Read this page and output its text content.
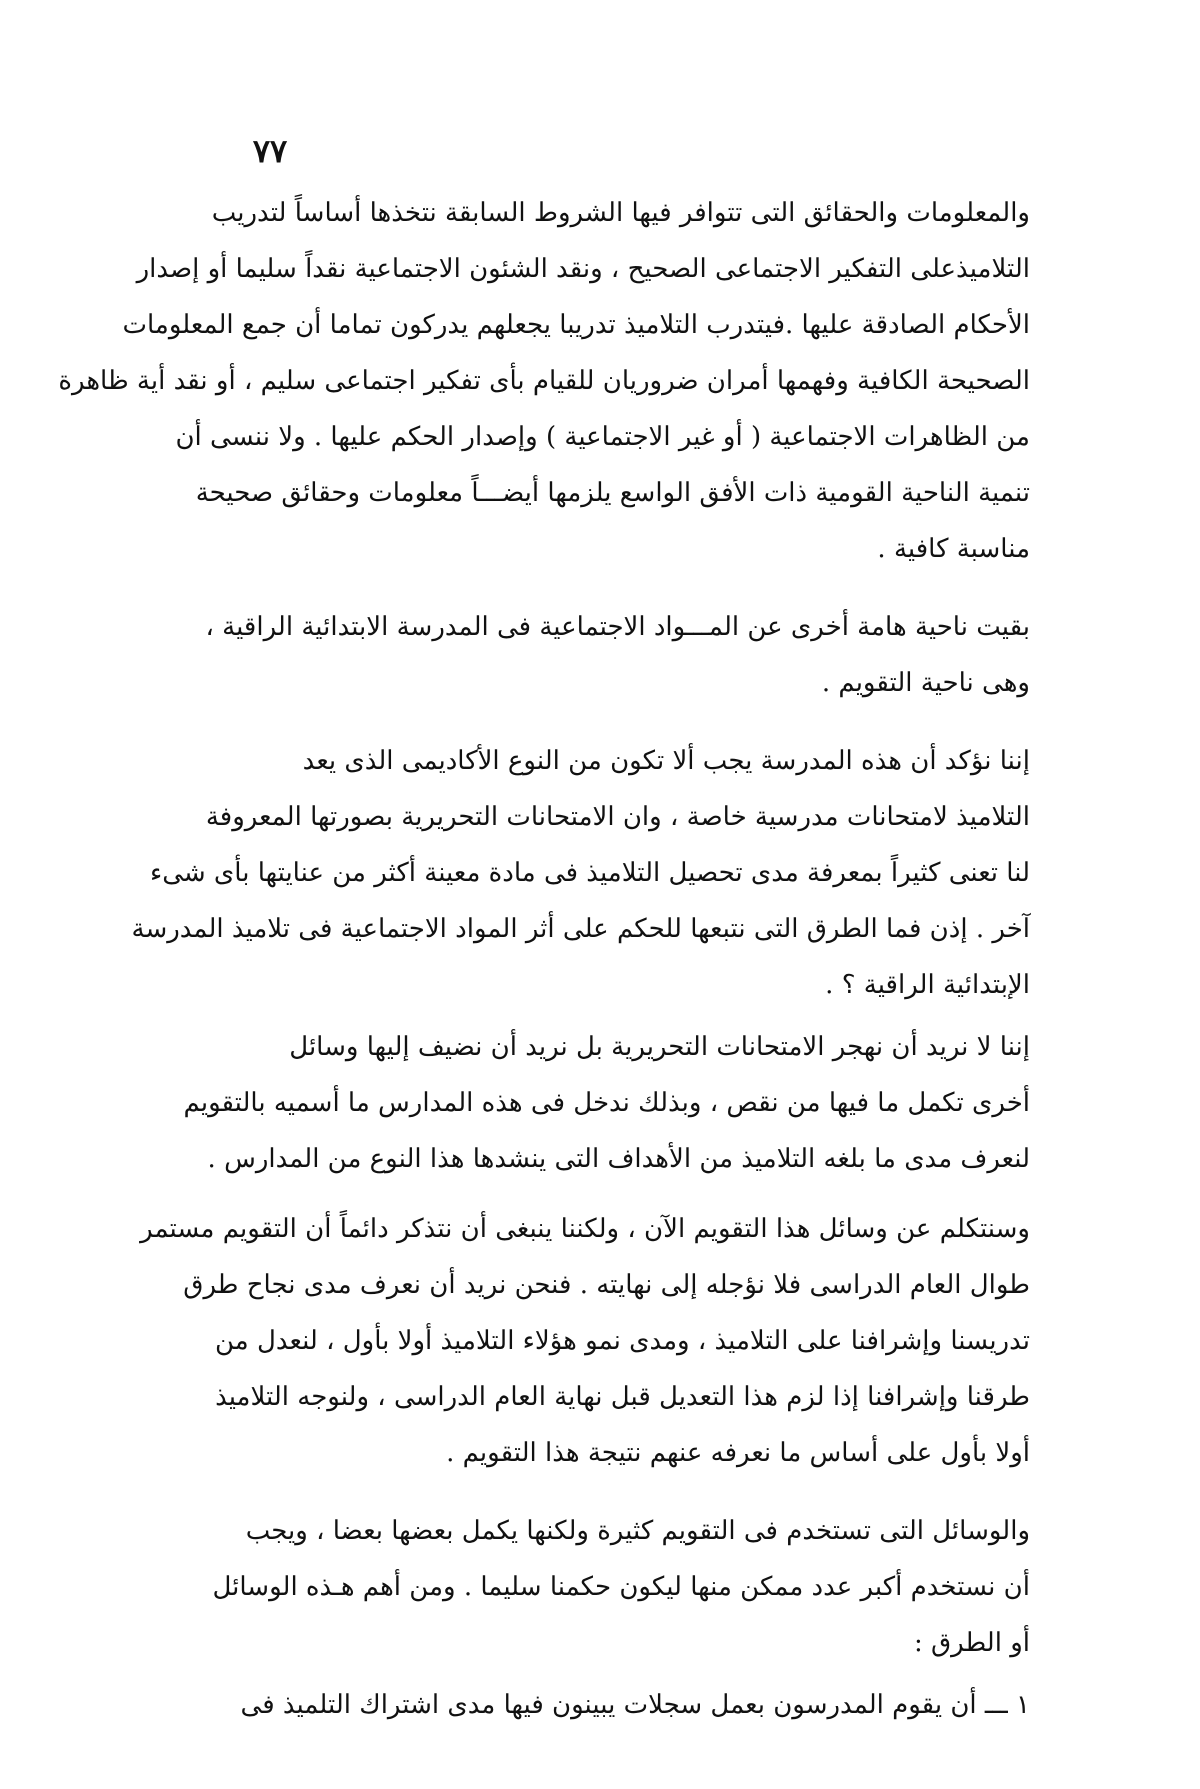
٧٧

والمعلومات والحقائق التى تتوافر فيها الشروط السابقة نتخذها أساساً لتدريب
التلاميذعلى التفكير الاجتماعى الصحيح ، ونقد الشئون الاجتماعية نقداً سليما أو إصدار
الأحكام الصادقة عليها .فيتدرب التلاميذ تدريبا يجعلهم يدركون تماما أن جمع المعلومات
الصحيحة الكافية وفهمها أمران ضروريان للقيام بأى تفكير اجتماعى سليم ، أو نقد أية ظاهرة
من الظاهرات الاجتماعية ( أو غير الاجتماعية ) وإصدار الحكم عليها . ولا ننسى أن
تنمية الناحية القومية ذات الأفق الواسع يلزمها أيضـــاً معلومات وحقائق صحيحة
مناسبة كافية .

بقيت ناحية هامة أخرى عن المـــواد الاجتماعية فى المدرسة الابتدائية الراقية ،
وهى ناحية التقويم .

إننا نؤكد أن هذه المدرسة يجب ألا تكون من النوع الأكاديمى الذى يعد
التلاميذ لامتحانات مدرسية خاصة ، وان الامتحانات التحريرية بصورتها المعروفة
لنا تعنى كثيراً بمعرفة مدى تحصيل التلاميذ فى مادة معينة أكثر من عنايتها بأى شىء
آخر . إذن فما الطرق التى نتبعها للحكم على أثر المواد الاجتماعية فى تلاميذ المدرسة
الإبتدائية الراقية ؟ .

إننا لا نريد أن نهجر الامتحانات التحريرية بل نريد أن نضيف إليها وسائل
أخرى تكمل ما فيها من نقص ، وبذلك ندخل فى هذه المدارس ما أسميه بالتقويم
لنعرف مدى ما بلغه التلاميذ من الأهداف التى ينشدها هذا النوع من المدارس .

وسنتكلم عن وسائل هذا التقويم الآن ، ولكننا ينبغى أن نتذكر دائماً أن التقويم مستمر
طوال العام الدراسى فلا نؤجله إلى نهايته . فنحن نريد أن نعرف مدى نجاح طرق
تدريسنا وإشرافنا على التلاميذ ، ومدى نمو هؤلاء التلاميذ أولا بأول ، لنعدل من
طرقنا وإشرافنا إذا لزم هذا التعديل قبل نهاية العام الدراسى ، ولنوجه التلاميذ
أولا بأول على أساس ما نعرفه عنهم نتيجة هذا التقويم .

والوسائل التى تستخدم فى التقويم كثيرة ولكنها يكمل بعضها بعضا ، ويجب
أن نستخدم أكبر عدد ممكن منها ليكون حكمنا سليما . ومن أهم هـذه الوسائل
أو الطرق :

١ ـــ أن يقوم المدرسون بعمل سجلات يبينون فيها مدى اشتراك التلميذ فى
